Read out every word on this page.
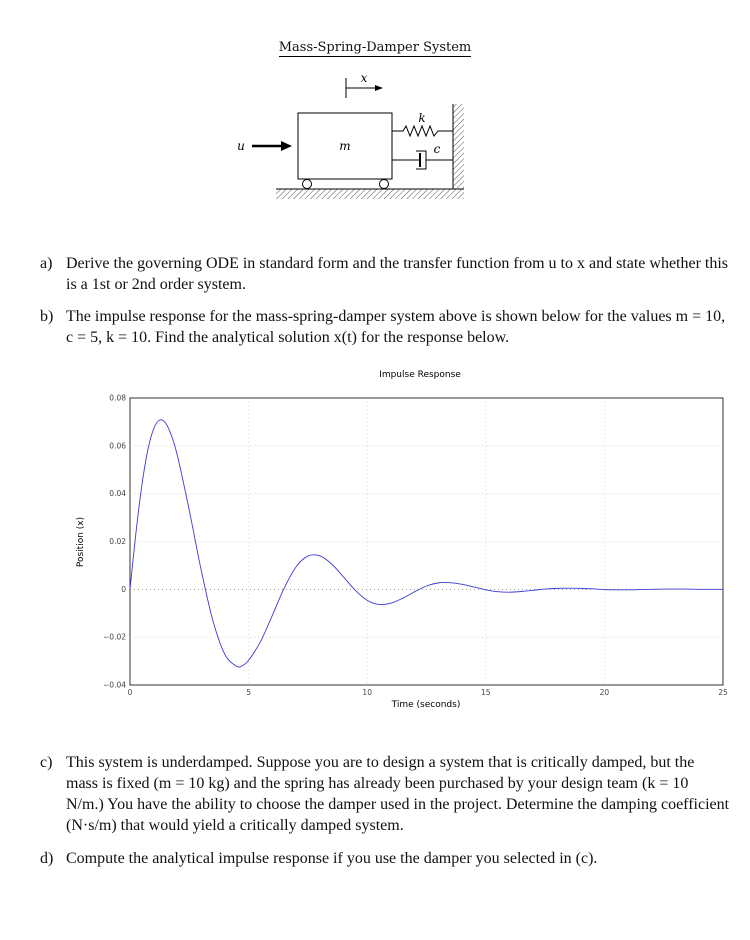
Mass-Spring-Damper System
x
u	m
k
c
a) Derive the governing ODE in standard form and the transfer function from u to x and state whether this is a 1st or 2nd order system.
b) The impulse response for the mass-spring-damper system above is shown below for the values m = 10, c = 5, k = 10. Find the analytical solution x(t) for the response below.
Impulse Response
0	5	10	15	20	25
0.08
0.06
0.04
0.02
0
−0.02
−0.04
Time (seconds)
Position (x)
c) This system is underdamped. Suppose you are to design a system that is critically damped, but the mass is fixed (m = 10 kg) and the spring has already been purchased by your design team (k = 10 N/m.) You have the ability to choose the damper used in the project. Determine the damping coefficient (N·s/m) that would yield a critically damped system.
d) Compute the analytical impulse response if you use the damper you selected in (c).
